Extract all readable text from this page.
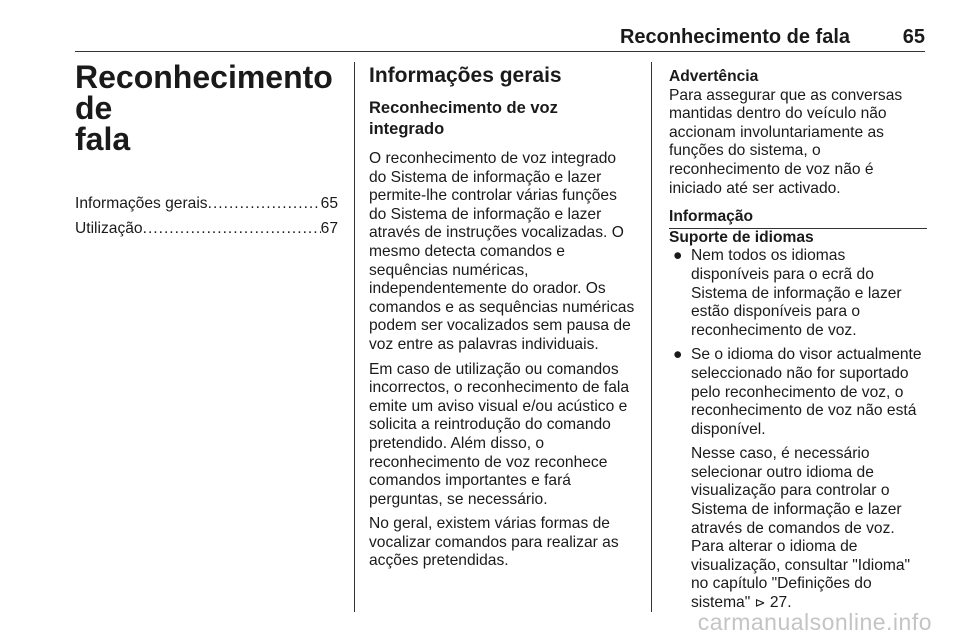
Reconhecimento de fala	65
Reconhecimento de
fala
Informações gerais .....	65
Utilização .....	67
Informações gerais
Reconhecimento de voz
integrado

O reconhecimento de voz integrado do Sistema de informação e lazer permite-lhe controlar várias funções do Sistema de informação e lazer através de instruções vocalizadas. O mesmo detecta comandos e sequências numéricas, independentemente do orador. Os comandos e as sequências numéricas podem ser vocalizados sem pausa de voz entre as palavras individuais.

Em caso de utilização ou comandos incorrectos, o reconhecimento de fala emite um aviso visual e/ou acústico e solicita a reintrodução do comando pretendido. Além disso, o reconhecimento de voz reconhece comandos importantes e fará perguntas, se necessário.

No geral, existem várias formas de vocalizar comandos para realizar as acções pretendidas.

Advertência

Para assegurar que as conversas mantidas dentro do veículo não accionam involuntariamente as funções do sistema, o reconhecimento de voz não é iniciado até ser activado.

Informação
Suporte de idiomas
● Nem todos os idiomas disponíveis para o ecrã do Sistema de informação e lazer estão disponíveis para o reconhecimento de voz.
● Se o idioma do visor actualmente seleccionado não for suportado pelo reconhecimento de voz, o reconhecimento de voz não está disponível.
Nesse caso, é necessário selecionar outro idioma de visualização para controlar o Sistema de informação e lazer através de comandos de voz. Para alterar o idioma de visualização, consultar "Idioma" no capítulo "Definições do sistema" ⊳ 27.
carmanualsonline.info
